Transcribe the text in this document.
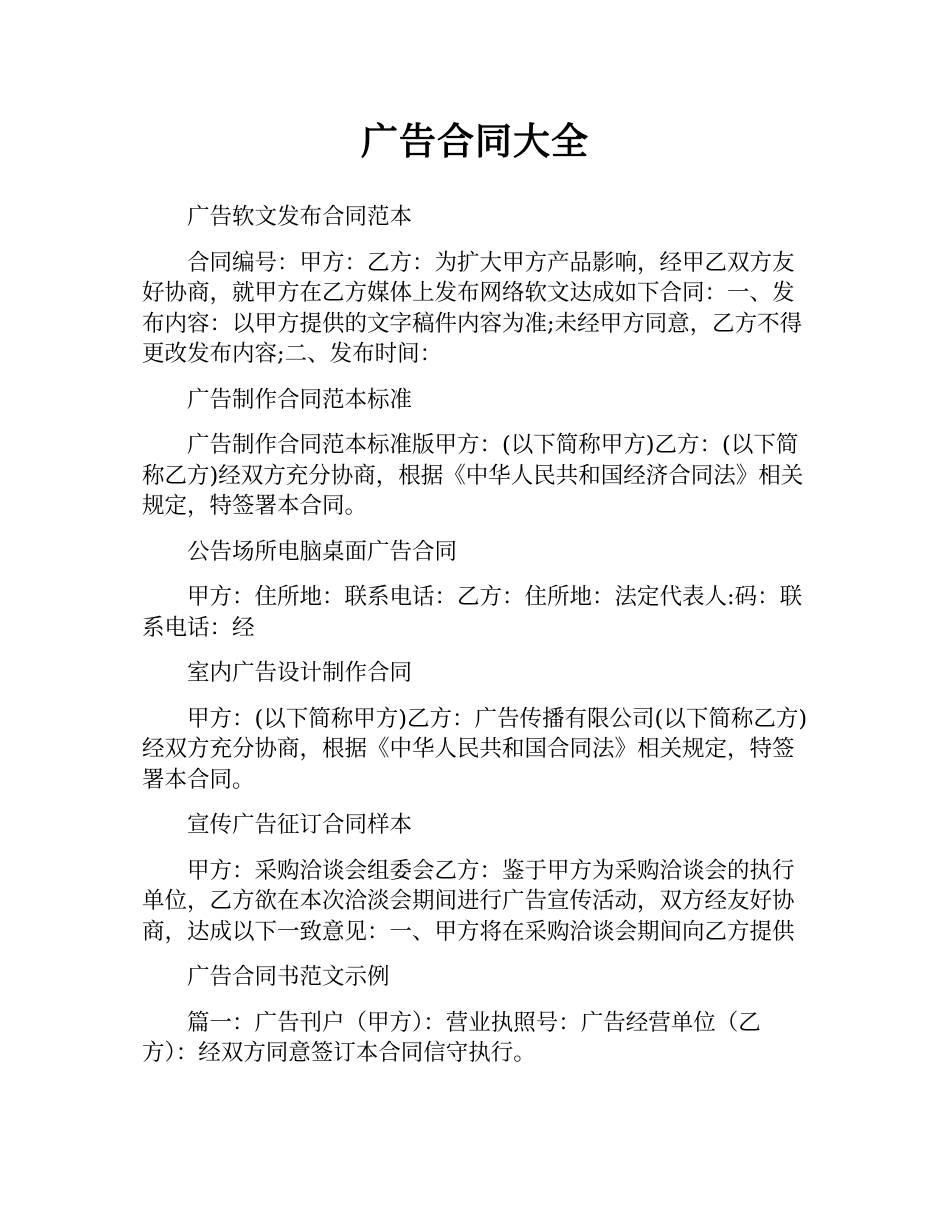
广告合同大全

广告软文发布合同范本

合同编号：甲方：乙方：为扩大甲方产品影响，经甲乙双方友好协商，就甲方在乙方媒体上发布网络软文达成如下合同：一、发布内容：以甲方提供的文字稿件内容为准;未经甲方同意，乙方不得更改发布内容;二、发布时间：

广告制作合同范本标准

广告制作合同范本标准版甲方：(以下简称甲方)乙方：(以下简称乙方)经双方充分协商，根据《中华人民共和国经济合同法》相关规定，特签署本合同。

公告场所电脑桌面广告合同

甲方：住所地：联系电话：乙方：住所地：法定代表人:码：联系电话：经

室内广告设计制作合同

甲方：(以下简称甲方)乙方：广告传播有限公司(以下简称乙方)经双方充分协商，根据《中华人民共和国合同法》相关规定，特签署本合同。

宣传广告征订合同样本

甲方：采购洽谈会组委会乙方：鉴于甲方为采购洽谈会的执行单位，乙方欲在本次洽淡会期间进行广告宣传活动，双方经友好协商，达成以下一致意见：一、甲方将在采购洽谈会期间向乙方提供

广告合同书范文示例

篇一：广告刊户（甲方）：营业执照号：广告经营单位（乙方）：经双方同意签订本合同信守执行。
